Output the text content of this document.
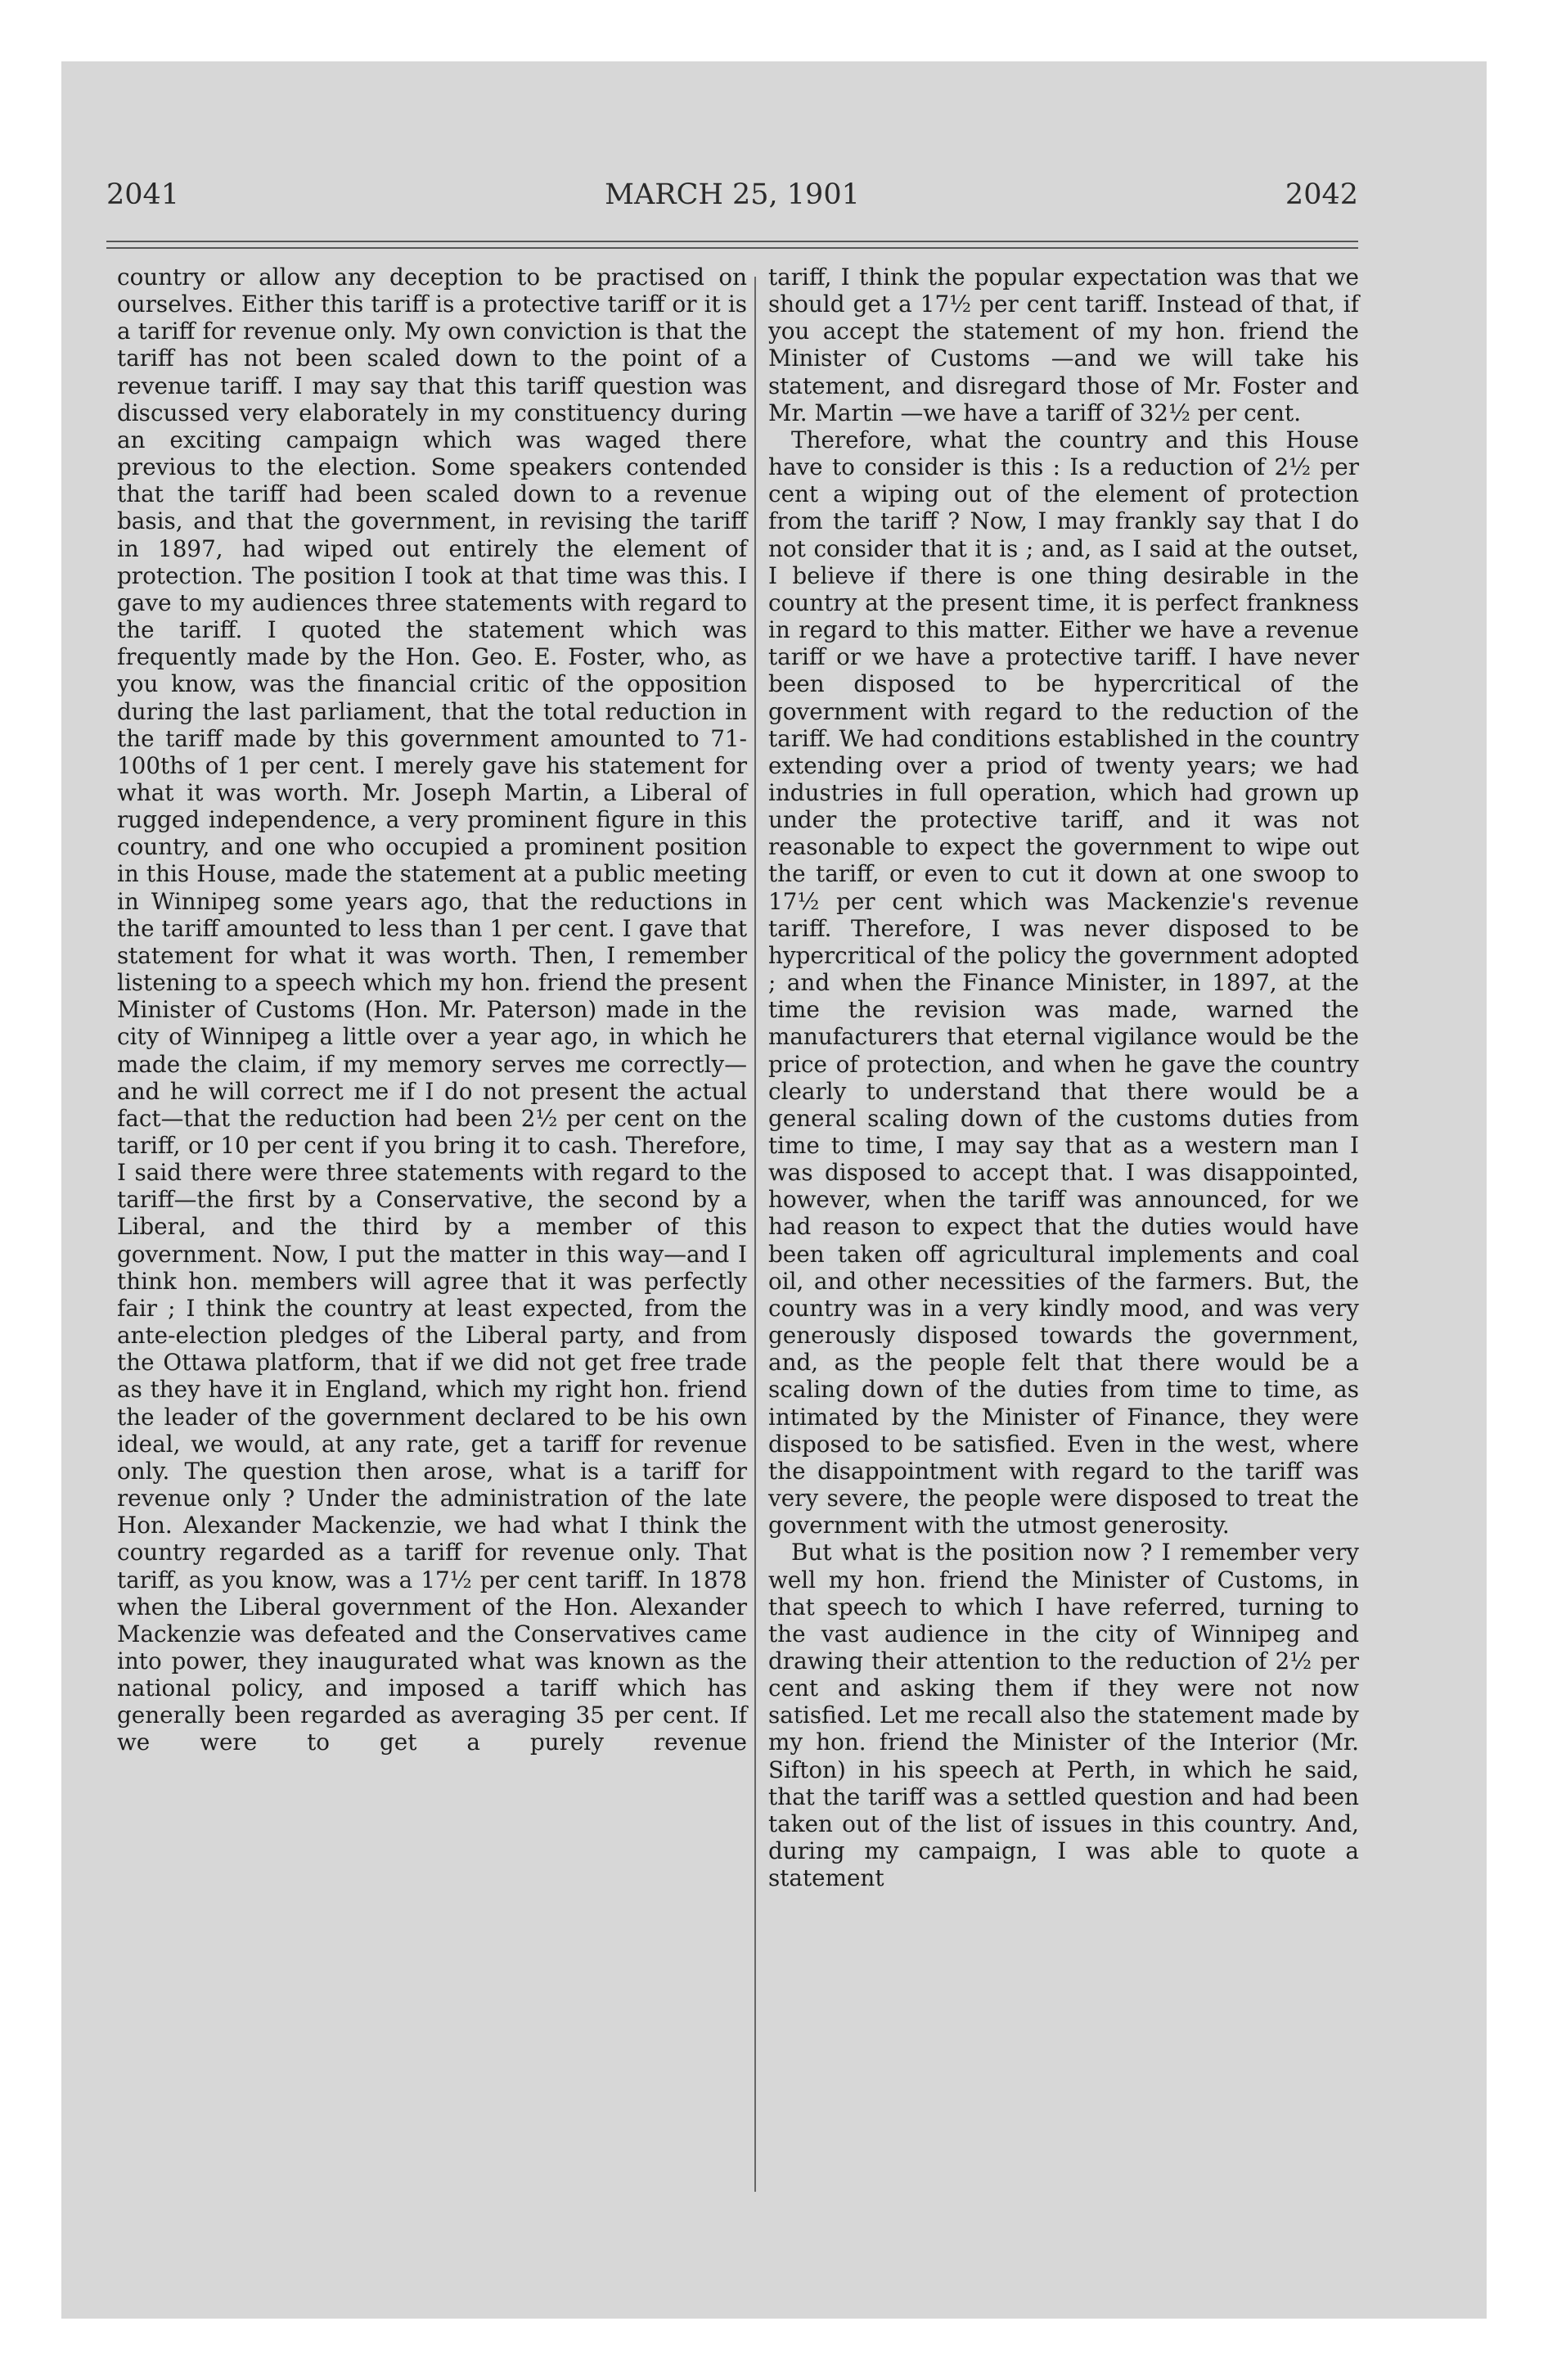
2041	MARCH 25, 1901	2042

country or allow any deception to be practised on ourselves. Either this tariff is a protective tariff or it is a tariff for revenue only. My own conviction is that the tariff has not been scaled down to the point of a revenue tariff. I may say that this tariff question was discussed very elaborately in my constituency during an exciting campaign which was waged there previous to the election. Some speakers contended that the tariff had been scaled down to a revenue basis, and that the government, in revising the tariff in 1897, had wiped out entirely the element of protection. The position I took at that time was this. I gave to my audiences three statements with regard to the tariff. I quoted the statement which was frequently made by the Hon. Geo. E. Foster, who, as you know, was the financial critic of the opposition during the last parliament, that the total reduction in the tariff made by this government amounted to 71-100ths of 1 per cent. I merely gave his statement for what it was worth. Mr. Joseph Martin, a Liberal of rugged independence, a very prominent figure in this country, and one who occupied a prominent position in this House, made the statement at a public meeting in Winnipeg some years ago, that the reductions in the tariff amounted to less than 1 per cent. I gave that statement for what it was worth. Then, I remember listening to a speech which my hon. friend the present Minister of Customs (Hon. Mr. Paterson) made in the city of Winnipeg a little over a year ago, in which he made the claim, if my memory serves me correctly—and he will correct me if I do not present the actual fact—that the reduction had been 2½ per cent on the tariff, or 10 per cent if you bring it to cash. Therefore, I said there were three statements with regard to the tariff—the first by a Conservative, the second by a Liberal, and the third by a member of this government. Now, I put the matter in this way—and I think hon. members will agree that it was perfectly fair ; I think the country at least expected, from the ante-election pledges of the Liberal party, and from the Ottawa platform, that if we did not get free trade as they have it in England, which my right hon. friend the leader of the government declared to be his own ideal, we would, at any rate, get a tariff for revenue only. The question then arose, what is a tariff for revenue only ? Under the administration of the late Hon. Alexander Mackenzie, we had what I think the country regarded as a tariff for revenue only. That tariff, as you know, was a 17½ per cent tariff. In 1878 when the Liberal government of the Hon. Alexander Mackenzie was defeated and the Conservatives came into power, they inaugurated what was known as the national policy, and imposed a tariff which has generally been regarded as averaging 35 per cent. If we were to get a purely revenue

tariff, I think the popular expectation was that we should get a 17½ per cent tariff. Instead of that, if you accept the statement of my hon. friend the Minister of Customs —and we will take his statement, and disregard those of Mr. Foster and Mr. Martin —we have a tariff of 32½ per cent.

Therefore, what the country and this House have to consider is this : Is a reduction of 2½ per cent a wiping out of the element of protection from the tariff ? Now, I may frankly say that I do not consider that it is ; and, as I said at the outset, I believe if there is one thing desirable in the country at the present time, it is perfect frankness in regard to this matter. Either we have a revenue tariff or we have a protective tariff. I have never been disposed to be hypercritical of the government with regard to the reduction of the tariff. We had conditions established in the country extending over a priod of twenty years; we had industries in full operation, which had grown up under the protective tariff, and it was not reasonable to expect the government to wipe out the tariff, or even to cut it down at one swoop to 17½ per cent which was Mackenzie's revenue tariff. Therefore, I was never disposed to be hypercritical of the policy the government adopted ; and when the Finance Minister, in 1897, at the time the revision was made, warned the manufacturers that eternal vigilance would be the price of protection, and when he gave the country clearly to understand that there would be a general scaling down of the customs duties from time to time, I may say that as a western man I was disposed to accept that. I was disappointed, however, when the tariff was announced, for we had reason to expect that the duties would have been taken off agricultural implements and coal oil, and other necessities of the farmers. But, the country was in a very kindly mood, and was very generously disposed towards the government, and, as the people felt that there would be a scaling down of the duties from time to time, as intimated by the Minister of Finance, they were disposed to be satisfied. Even in the west, where the disappointment with regard to the tariff was very severe, the people were disposed to treat the government with the utmost generosity.

But what is the position now ? I remember very well my hon. friend the Minister of Customs, in that speech to which I have referred, turning to the vast audience in the city of Winnipeg and drawing their attention to the reduction of 2½ per cent and asking them if they were not now satisfied. Let me recall also the statement made by my hon. friend the Minister of the Interior (Mr. Sifton) in his speech at Perth, in which he said, that the tariff was a settled question and had been taken out of the list of issues in this country. And, during my campaign, I was able to quote a statement
